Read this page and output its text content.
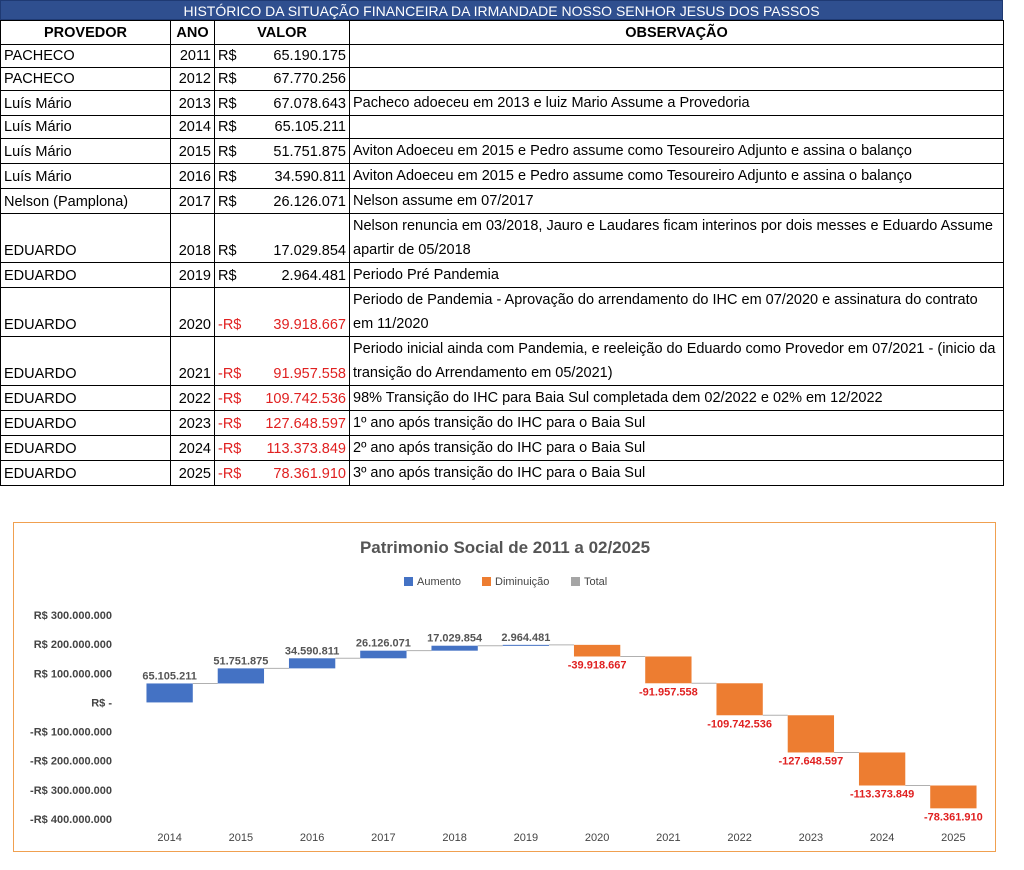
HISTÓRICO DA SITUAÇÃO FINANCEIRA DA IRMANDADE NOSSO SENHOR JESUS DOS PASSOS
PROVEDOR	ANO	VALOR	OBSERVAÇÃO
PACHECO	2011	R$ 65.190.175	

PACHECO	2012	R$ 67.770.256	

Luís Mário	2013	R$ 67.078.643	Pacheco adoeceu em 2013 e luiz Mario Assume a Provedoria
Luís Mário	2014	R$ 65.105.211	

Luís Mário	2015	R$ 51.751.875	Aviton Adoeceu em 2015 e Pedro assume como Tesoureiro Adjunto e assina o balanço
Luís Mário	2016	R$ 34.590.811	Aviton Adoeceu em 2015 e Pedro assume como Tesoureiro Adjunto e assina o balanço
Nelson (Pamplona)	2017	R$ 26.126.071	Nelson assume em 07/2017
EDUARDO	2018	R$ 17.029.854	Nelson renuncia em 03/2018, Jauro e Laudares ficam interinos por dois messes e Eduardo Assume apartir de 05/2018
EDUARDO	2019	R$ 2.964.481	Periodo Pré Pandemia
EDUARDO	2020	-R$ 39.918.667	Periodo de Pandemia - Aprovação do arrendamento do IHC em 07/2020 e assinatura do contrato em 11/2020
EDUARDO	2021	-R$ 91.957.558	Periodo inicial ainda com Pandemia, e reeleição do Eduardo como Provedor em 07/2021 - (inicio da transição do Arrendamento em 05/2021)
EDUARDO	2022	-R$ 109.742.536	98% Transição do IHC para Baia Sul completada dem 02/2022 e 02% em 12/2022
EDUARDO	2023	-R$ 127.648.597	1º ano após transição do IHC para o Baia Sul
EDUARDO	2024	-R$ 113.373.849	2º ano após transição do IHC para o Baia Sul
EDUARDO	2025	-R$ 78.361.910	3º ano após transição do IHC para o Baia Sul
Patrimonio Social de 2011 a 02/2025
Aumento	Diminuição	Total
R$ 300.000.000
R$ 200.000.000
R$ 100.000.000
R$ -
-R$ 100.000.000
-R$ 200.000.000
-R$ 300.000.000
-R$ 400.000.000
65.105.211
51.751.875
34.590.811
26.126.071 17.029.854 2.964.481
-39.918.667
-91.957.558
-109.742.536
-127.648.597
-113.373.849
-78.361.910
2014	2015	2016	2017	2018	2019	2020	2021	2022	2023	2024	2025
